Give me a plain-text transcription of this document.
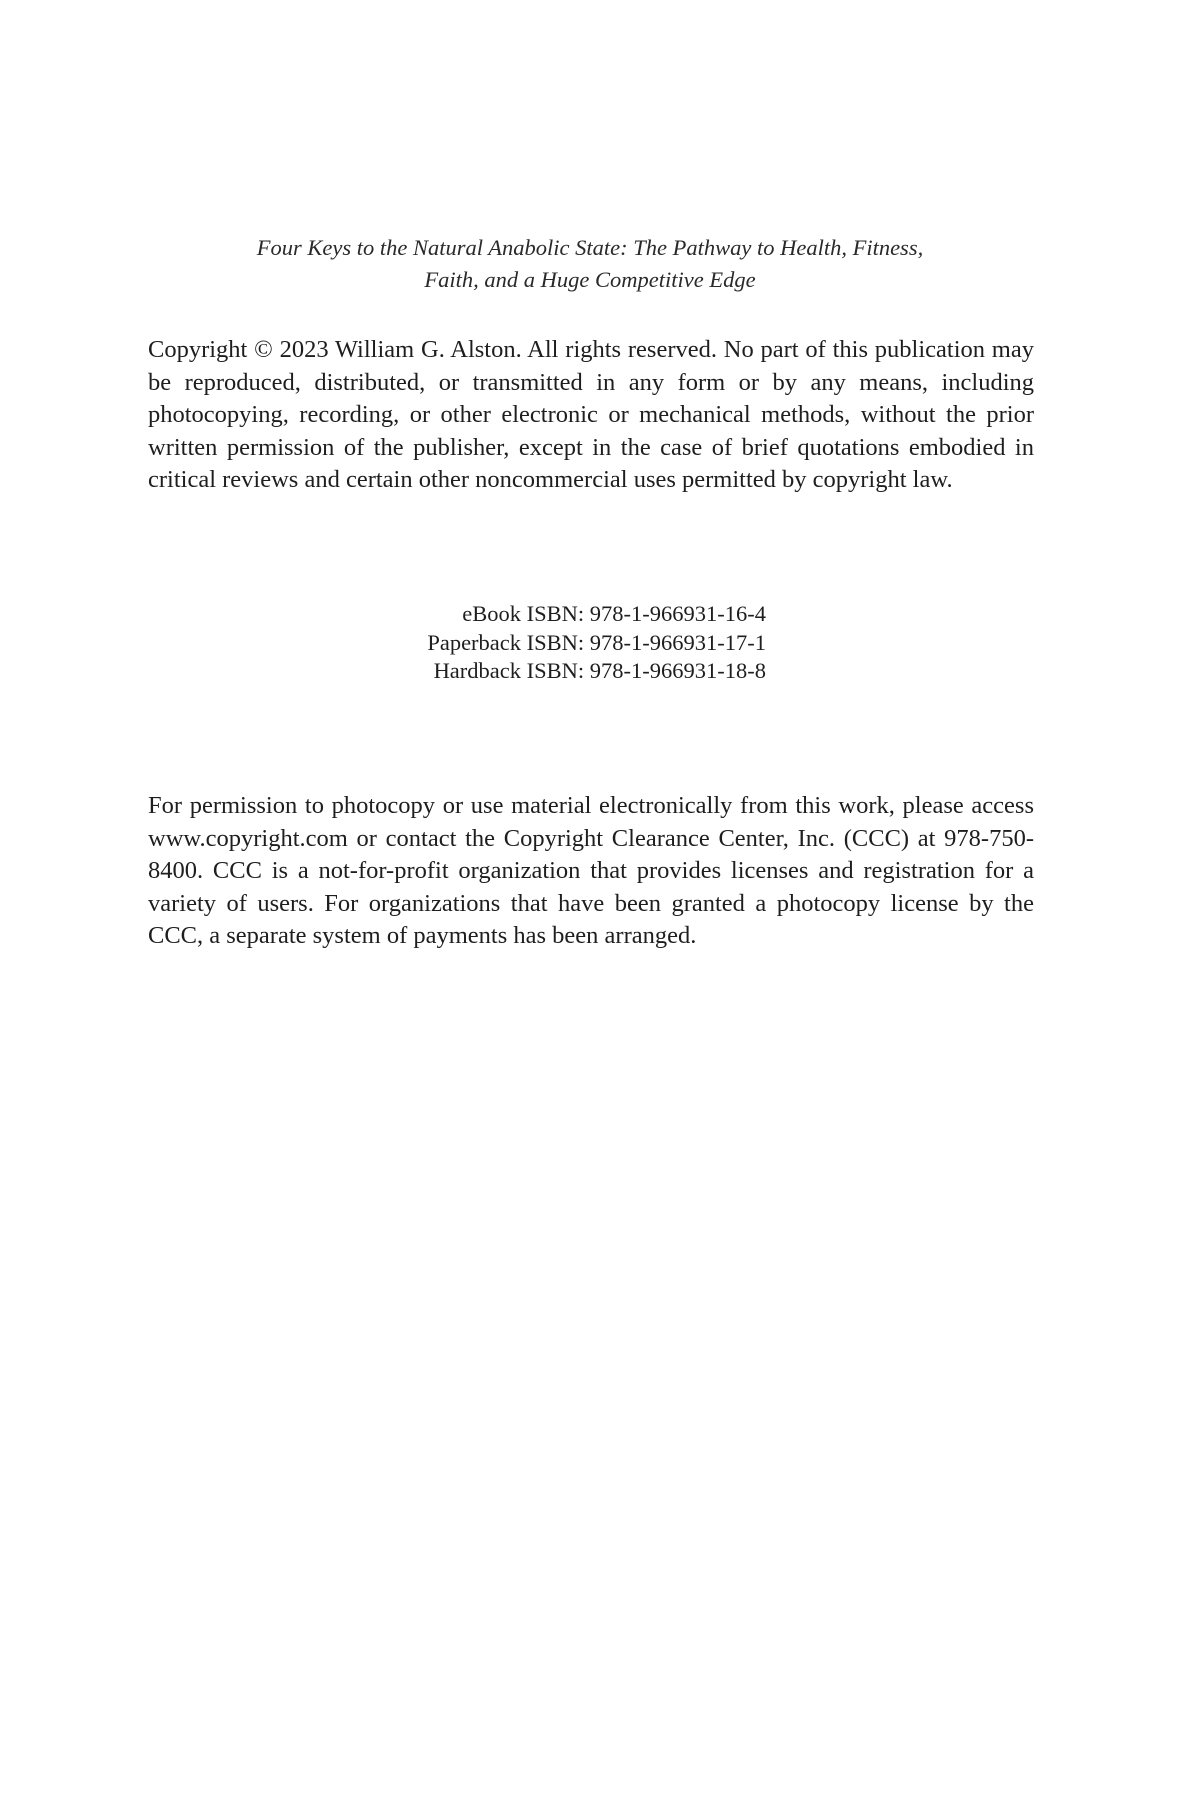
Four Keys to the Natural Anabolic State: The Pathway to Health, Fitness,
Faith, and a Huge Competitive Edge
Copyright © 2023 William G. Alston. All rights reserved. No part of this publication may be reproduced, distributed, or transmitted in any form or by any means, including photocopying, recording, or other electronic or mechanical methods, without the prior written permission of the publisher, except in the case of brief quotations embodied in critical reviews and certain other noncommercial uses permitted by copyright law.
eBook ISBN: 978-1-966931-16-4
Paperback ISBN: 978-1-966931-17-1
Hardback ISBN: 978-1-966931-18-8
For permission to photocopy or use material electronically from this work, please access www.copyright.com or contact the Copyright Clearance Center, Inc. (CCC) at 978-750-8400. CCC is a not-for-profit organization that provides licenses and registration for a variety of users. For organizations that have been granted a photocopy license by the CCC, a separate system of payments has been arranged.
